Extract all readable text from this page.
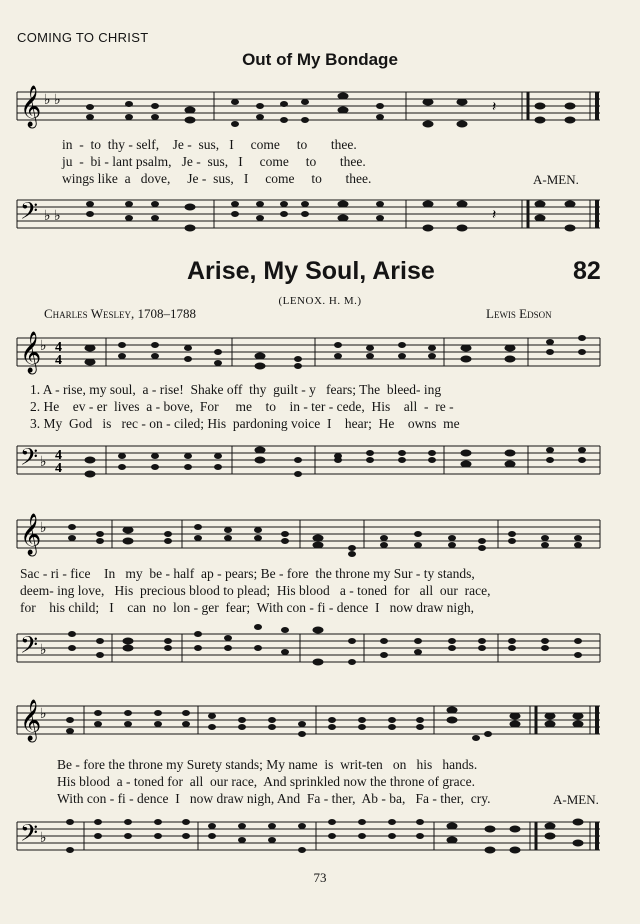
COMING TO CHRIST
Out of My Bondage
𝄞 ♭ ♭	𝄽
in  -  to  thy - self,    Je -  sus,   I     come     to       thee.
ju  -  bi - lant psalm,   Je -  sus,   I     come     to       thee.
wings like  a   dove,     Je -  sus,   I     come     to       thee.	A-MEN.
𝄢 ♭ ♭	𝄽
Arise, My Soul, Arise	82
(LENOX. H. M.)
Charles Wesley, 1708–1788	Lewis Edson
𝄞
♭ 4
4
1. A - rise, my soul,  a - rise!  Shake off  thy  guilt - y   fears; The  bleed- ing
2. He    ev - er  lives  a - bove,  For     me    to    in - ter - cede,  His    all  -  re -
3. My  God   is   rec - on - ciled; His  pardoning voice  I    hear;  He    owns  me
𝄢 ♭ 4
4
𝄞
♭
Sac - ri - fice    In   my  be - half  ap - pears; Be - fore  the throne my Sur - ty stands,
deem- ing love,   His  precious blood to plead;  His blood   a - toned  for   all  our  race,
for    his child;   I    can  no  lon - ger  fear;  With con - fi - dence  I   now draw nigh,
𝄢 ♭
𝄞
♭
Be - fore the throne my Surety stands; My name  is  writ-ten   on   his   hands.
His blood  a - toned for  all  our race,  And sprinkled now the throne of grace.
With con - fi - dence  I   now draw nigh, And  Fa - ther,  Ab - ba,   Fa - ther,  cry.	A-MEN.
𝄢 ♭
73
